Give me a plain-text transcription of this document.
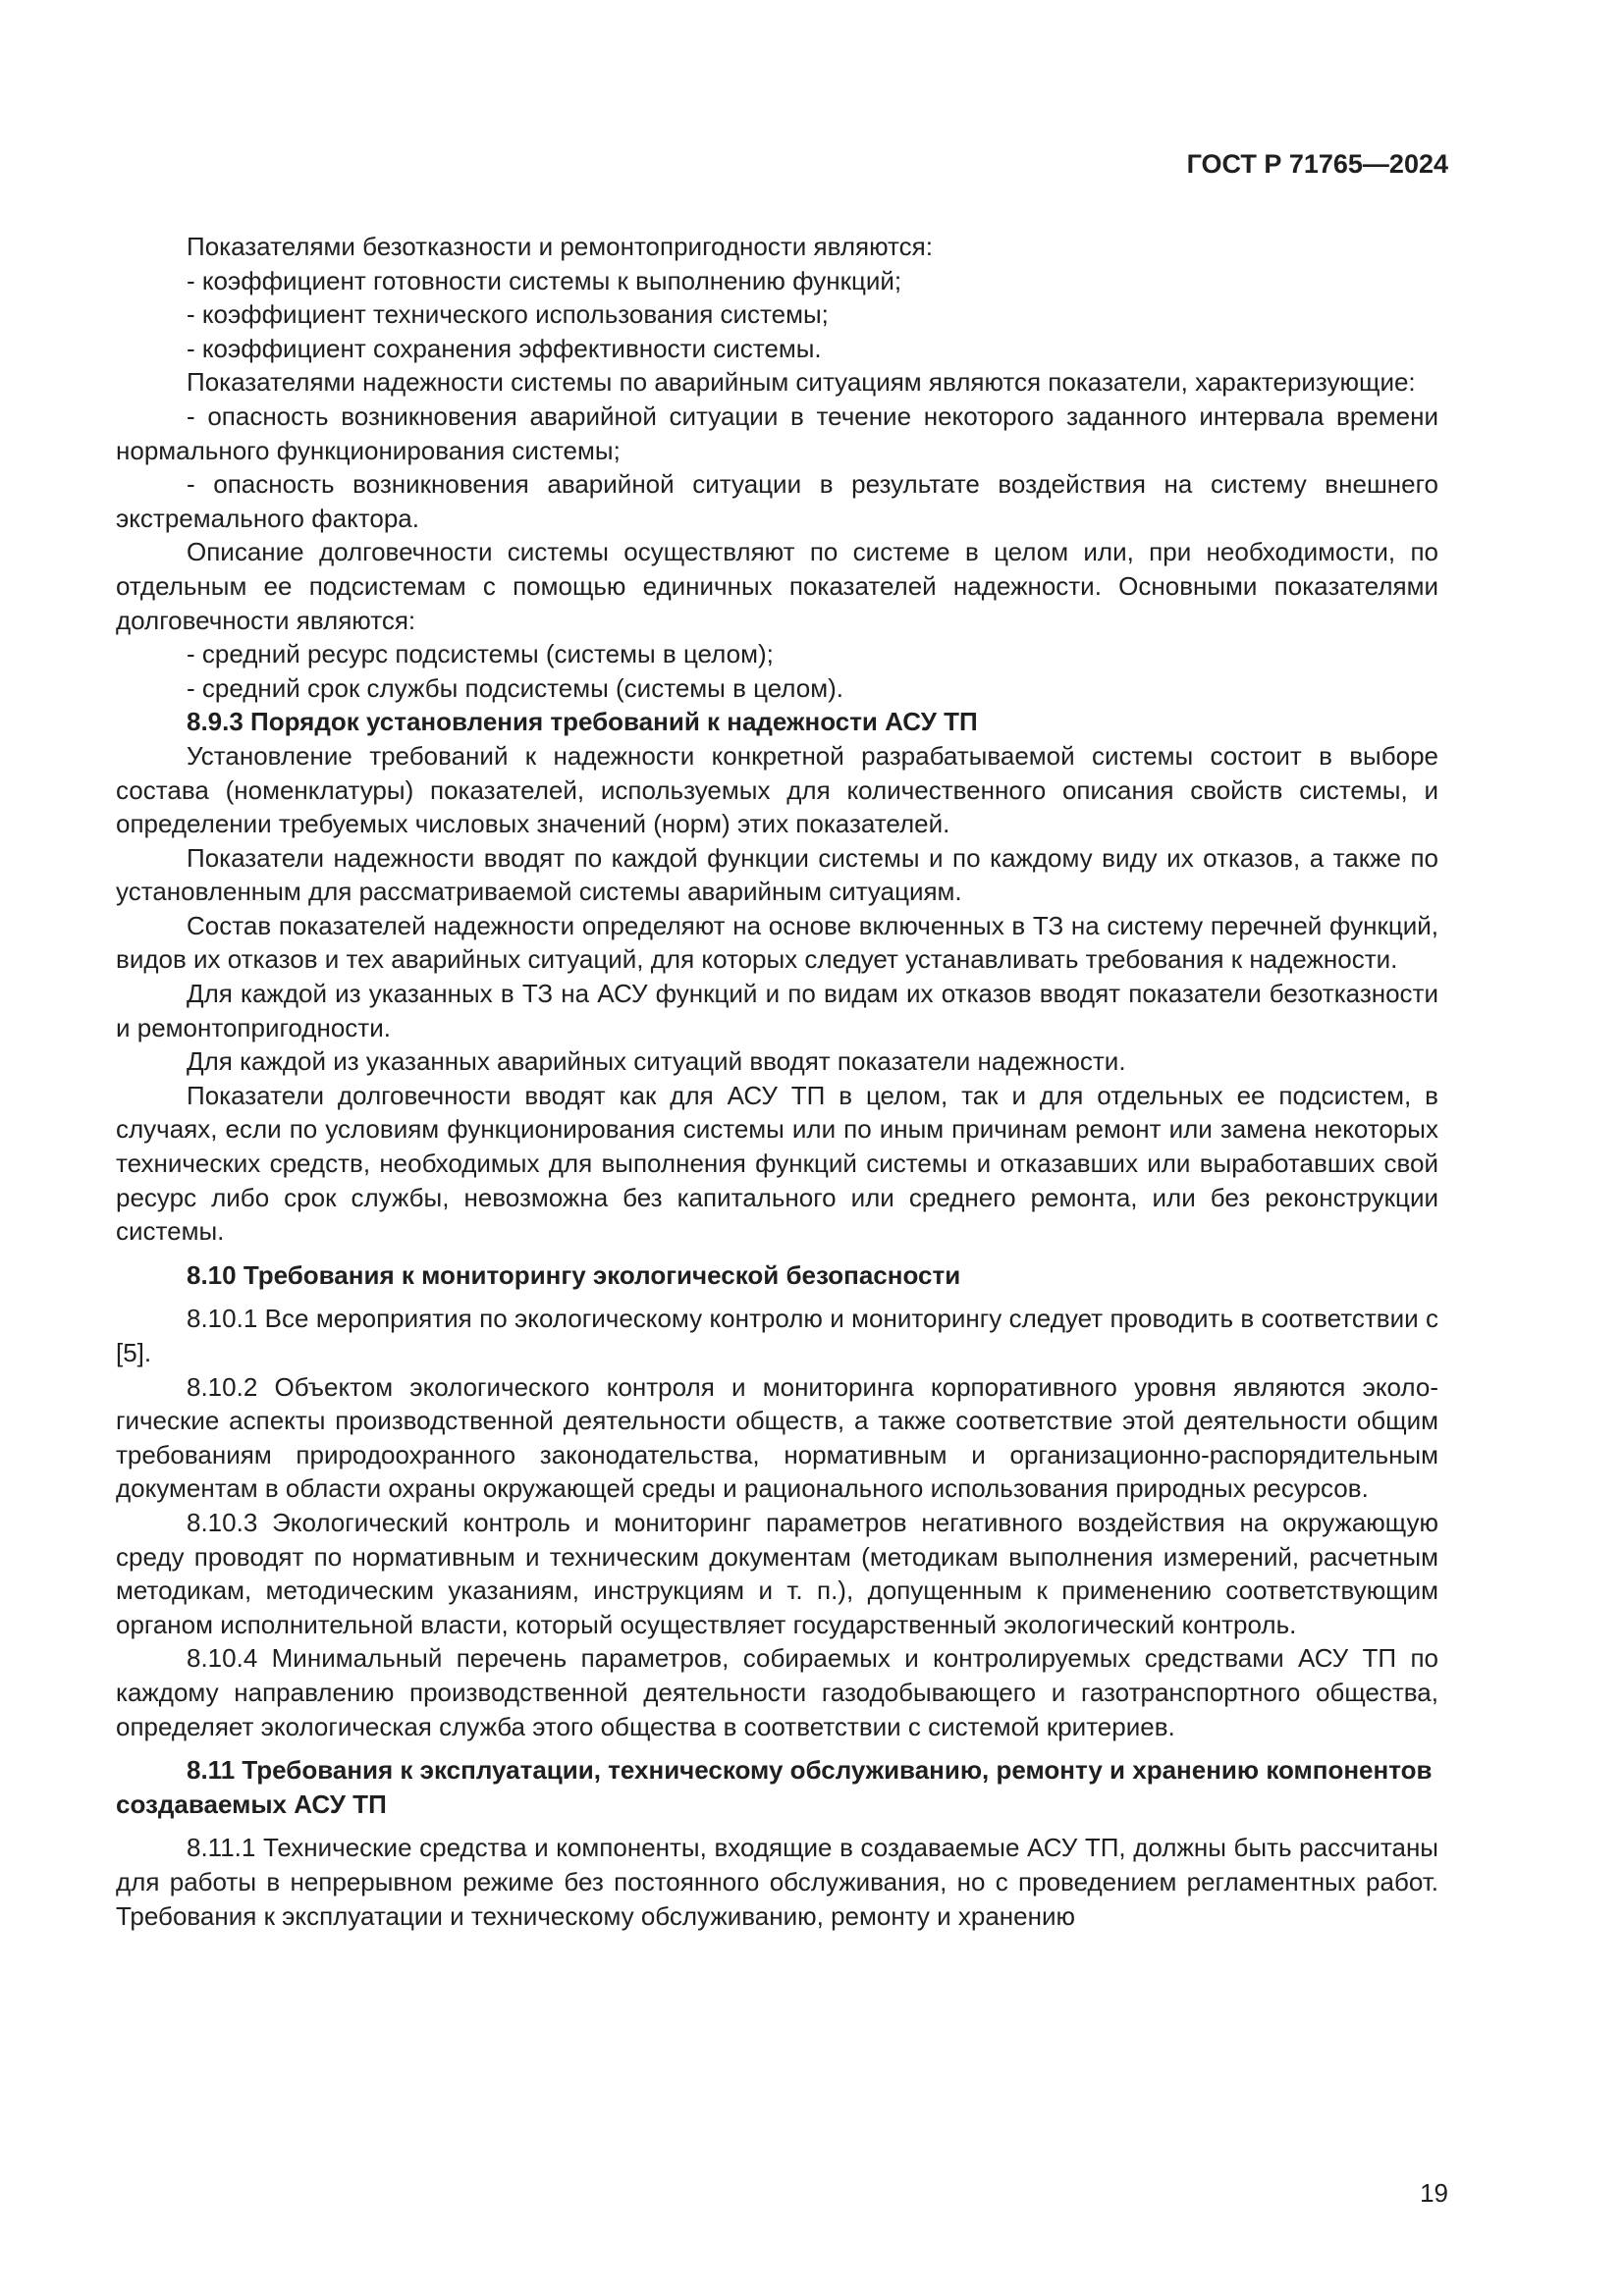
ГОСТ Р 71765—2024

Показателями безотказности и ремонтопригодности являются:

- коэффициент готовности системы к выполнению функций;

- коэффициент технического использования системы;

- коэффициент сохранения эффективности системы.

Показателями надежности системы по аварийным ситуациям являются показатели, характеризующие:

- опасность возникновения аварийной ситуации в течение некоторого заданного интервала времени нормального функционирования системы;

- опасность возникновения аварийной ситуации в результате воздействия на систему внешнего экстремального фактора.

Описание долговечности системы осуществляют по системе в целом или, при необходимости, по отдельным ее подсистемам с помощью единичных показателей надежности. Основными показателями долговечности являются:

- средний ресурс подсистемы (системы в целом);

- средний срок службы подсистемы (системы в целом).

8.9.3 Порядок установления требований к надежности АСУ ТП

Установление требований к надежности конкретной разрабатываемой системы состоит в выборе состава (номенклатуры) показателей, используемых для количественного описания свойств системы, и определении требуемых числовых значений (норм) этих показателей.

Показатели надежности вводят по каждой функции системы и по каждому виду их отказов, а также по установленным для рассматриваемой системы аварийным ситуациям.

Состав показателей надежности определяют на основе включенных в ТЗ на систему перечней функций, видов их отказов и тех аварийных ситуаций, для которых следует устанавливать требования к надежности.

Для каждой из указанных в ТЗ на АСУ функций и по видам их отказов вводят показатели безотказности и ремонтопригодности.

Для каждой из указанных аварийных ситуаций вводят показатели надежности.

Показатели долговечности вводят как для АСУ ТП в целом, так и для отдельных ее подсистем, в случаях, если по условиям функционирования системы или по иным причинам ремонт или замена некоторых технических средств, необходимых для выполнения функций системы и отказавших или выработавших свой ресурс либо срок службы, невозможна без капитального или среднего ремонта, или без реконструкции системы.

8.10 Требования к мониторингу экологической безопасности

8.10.1 Все мероприятия по экологическому контролю и мониторингу следует проводить в соответствии с [5].

8.10.2 Объектом экологического контроля и мониторинга корпоративного уровня являются экологические аспекты производственной деятельности обществ, а также соответствие этой деятельности общим требованиям природоохранного законодательства, нормативным и организационно-распорядительным документам в области охраны окружающей среды и рационального использования природных ресурсов.

8.10.3 Экологический контроль и мониторинг параметров негативного воздействия на окружающую среду проводят по нормативным и техническим документам (методикам выполнения измерений, расчетным методикам, методическим указаниям, инструкциям и т. п.), допущенным к применению соответствующим органом исполнительной власти, который осуществляет государственный экологический контроль.

8.10.4 Минимальный перечень параметров, собираемых и контролируемых средствами АСУ ТП по каждому направлению производственной деятельности газодобывающего и газотранспортного общества, определяет экологическая служба этого общества в соответствии с системой критериев.

8.11 Требования к эксплуатации, техническому обслуживанию, ремонту и хранению компонентов создаваемых АСУ ТП

8.11.1 Технические средства и компоненты, входящие в создаваемые АСУ ТП, должны быть рассчитаны для работы в непрерывном режиме без постоянного обслуживания, но с проведением регламентных работ. Требования к эксплуатации и техническому обслуживанию, ремонту и хранению

19
